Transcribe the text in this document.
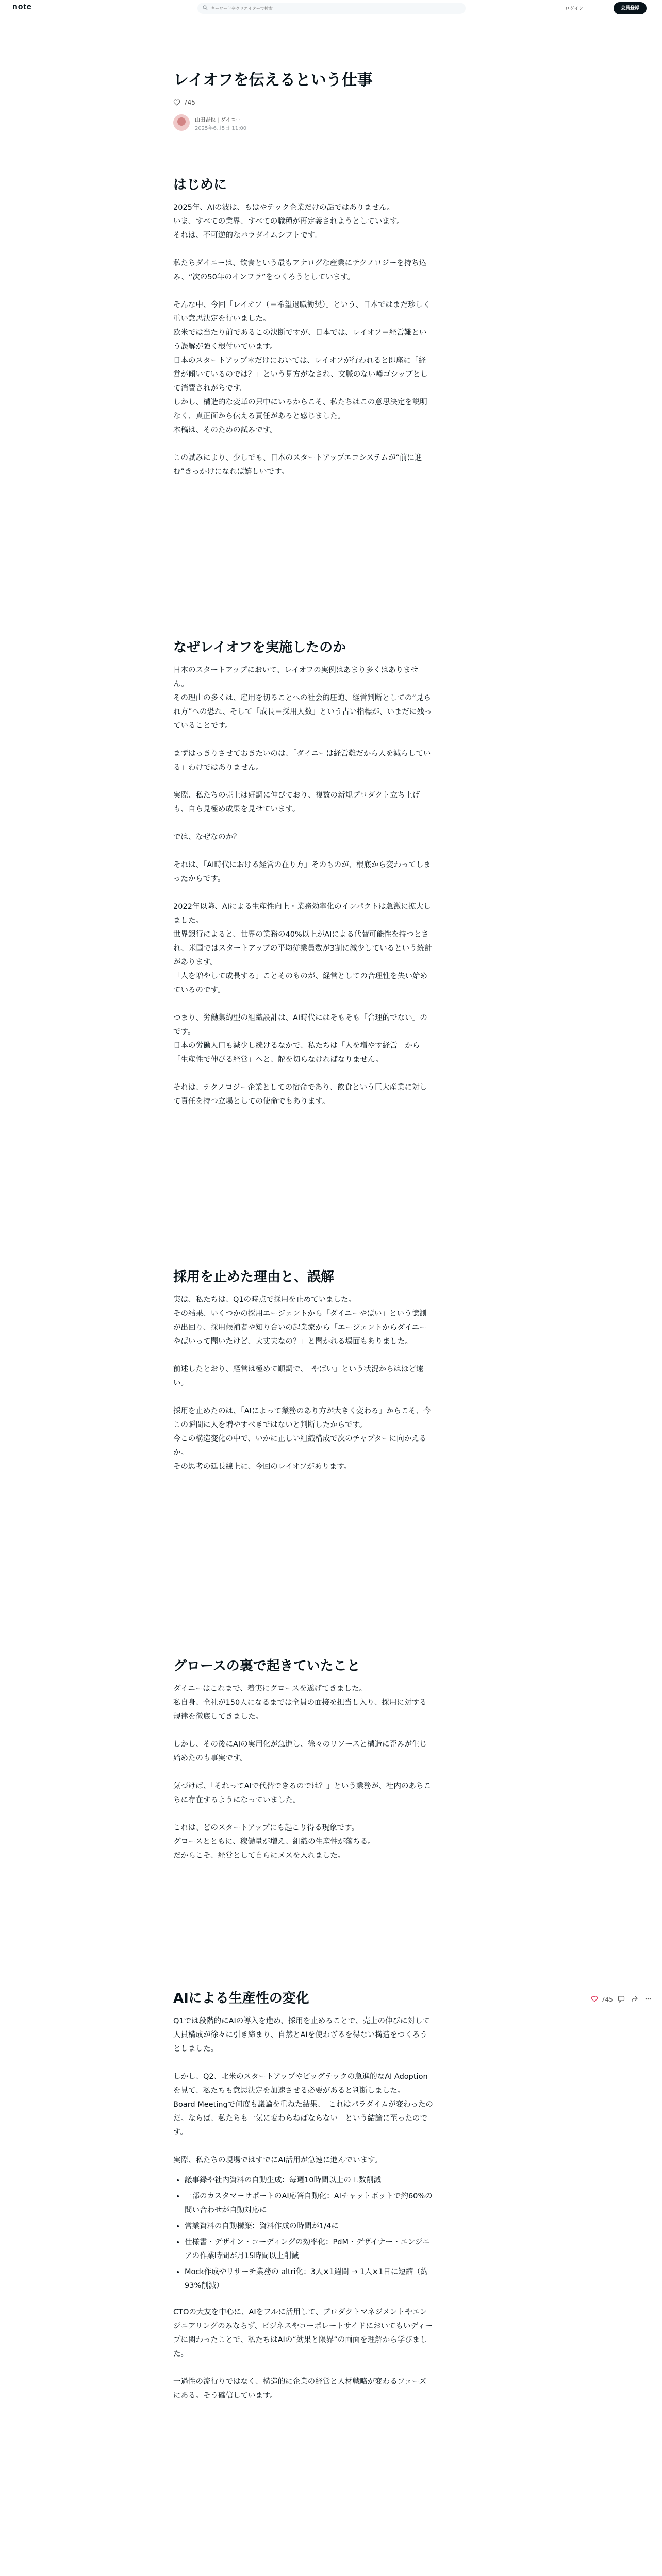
note
キーワードやクリエイターで検索	ログイン	会員登録
レイオフを伝えるという仕事
745
山田吉也 | ダイニー
2025年6月5日 11:00
はじめに

2025年、AIの波は、もはやテック企業だけの話ではありません。

いま、すべての業界、すべての職種が再定義されようとしています。

それは、不可逆的なパラダイムシフトです。

私たちダイニーは、飲食という最もアナログな産業にテクノロジーを持ち込み、“次の50年のインフラ”をつくろうとしています。

そんな中、今回「レイオフ（＝希望退職勧奨）」という、日本ではまだ珍しく重い意思決定を行いました。

欧米では当たり前であるこの決断ですが、日本では、レイオフ＝経営難という誤解が強く根付いています。

日本のスタートアップ＊だけにおいては、レイオフが行われると即座に「経営が傾いているのでは？」という見方がなされ、文脈のない噂ゴシップとして消費されがちです。

しかし、構造的な変革の只中にいるからこそ、私たちはこの意思決定を説明なく、真正面から伝える責任があると感じました。

本稿は、そのための試みです。

この試みにより、少しでも、日本のスタートアップエコシステムが“前に進む”きっかけになれば嬉しいです。

なぜレイオフを実施したのか

日本のスタートアップにおいて、レイオフの実例はあまり多くはありません。

その理由の多くは、雇用を切ることへの社会的圧迫、経営判断としての“見られ方”への恐れ、そして「成長＝採用人数」という古い指標が、いまだに残っていることです。

まずはっきりさせておきたいのは、「ダイニーは経営難だから人を減らしている」わけではありません。

実際、私たちの売上は好調に伸びており、複数の新規プロダクト立ち上げも、自ら見極め成果を見せています。

では、なぜなのか？

それは、「AI時代における経営の在り方」そのものが、根底から変わってしまったからです。

2022年以降、AIによる生産性向上・業務効率化のインパクトは急激に拡大しました。

世界銀行によると、世界の業務の40%以上がAIによる代替可能性を持つとされ、米国ではスタートアップの平均従業員数が3割に減少しているという統計があります。

「人を増やして成長する」ことそのものが、経営としての合理性を失い始めているのです。

つまり、労働集約型の組織設計は、AI時代にはそもそも「合理的でない」のです。

日本の労働人口も減少し続けるなかで、私たちは「人を増やす経営」から「生産性で伸びる経営」へと、舵を切らなければなりません。

それは、テクノロジー企業としての宿命であり、飲食という巨大産業に対して責任を持つ立場としての使命でもあります。

採用を止めた理由と、誤解

実は、私たちは、Q1の時点で採用を止めていました。

その結果、いくつかの採用エージェントから「ダイニーやばい」という憶測が出回り、採用候補者や知り合いの起業家から「エージェントからダイニーやばいって聞いたけど、大丈夫なの？」と聞かれる場面もありました。

前述したとおり、経営は極めて順調で、「やばい」という状況からはほど遠い。

採用を止めたのは、「AIによって業務のあり方が大きく変わる」からこそ、今この瞬間に人を増やすべきではないと判断したからです。

今この構造変化の中で、いかに正しい組織構成で次のチャプターに向かえるか。

その思考の延長線上に、今回のレイオフがあります。

グロースの裏で起きていたこと

ダイニーはこれまで、着実にグロースを遂げてきました。

私自身、全社が150人になるまでは全員の面接を担当し入り、採用に対する規律を徹底してきました。

しかし、その後にAIの実用化が急進し、徐々のリソースと構造に歪みが生じ始めたのも事実です。

気づけば、「それってAIで代替できるのでは？」という業務が、社内のあちこちに存在するようになっていました。

これは、どのスタートアップにも起こり得る現象です。

グロースとともに、稼働量が増え、組織の生産性が落ちる。

だからこそ、経営として自らにメスを入れました。

AIによる生産性の変化

Q1では段階的にAIの導入を進め、採用を止めることで、売上の伸びに対して人員構成が徐々に引き締まり、自然とAIを使わざるを得ない構造をつくろうとしました。

しかし、Q2、北米のスタートアップやビッグテックの急進的なAI Adoptionを見て、私たちも意思決定を加速させる必要があると判断しました。

Board Meetingで何度も議論を重ねた結果、「これはパラダイムが変わったのだ。ならば、私たちも一気に変わらねばならない」という結論に至ったのです。

実際、私たちの現場ではすでにAI活用が急速に進んでいます。

• 議事録や社内資料の自動生成：毎週10時間以上の工数削減
• 一部のカスタマーサポートのAI応答自動化：AIチャットボットで約60%の問い合わせが自動対応に
• 営業資料の自動構築：資料作成の時間が1/4に
• 仕様書・デザイン・コーディングの効率化：PdM・デザイナー・エンジニアの作業時間が月15時間以上削減
• Mock作成やリサーチ業務の altri化：3人×1週間 → 1人×1日に短縮（約93%削減）

CTOの大友を中心に、AIをフルに活用して、プロダクトマネジメントやエンジニアリングのみならず、ビジネスやコーポレートサイドにおいてもいディープに関わったことで、私たちはAIの“効果と限界”の両面を理解から学びました。

一過性の流行りではなく、構造的に企業の経営と人材戦略が変わるフェーズにある。そう確信しています。

745
